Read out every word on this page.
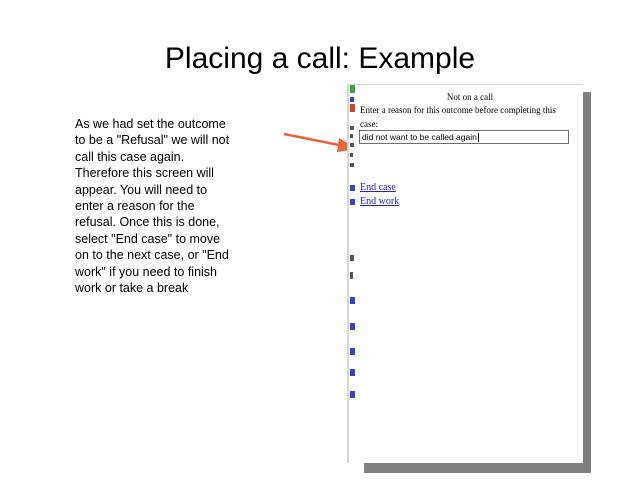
Placing a call: Example
As we had set the outcome
to be a "Refusal" we will not
call this case again.
Therefore this screen will
appear. You will need to
enter a reason for the
refusal. Once this is done,
select "End case" to move
on to the next case, or "End
work" if you need to finish
work or take a break
Not on a call
Enter a reason for this outcome before completing this case:
did not want to be called again
End case
End work
